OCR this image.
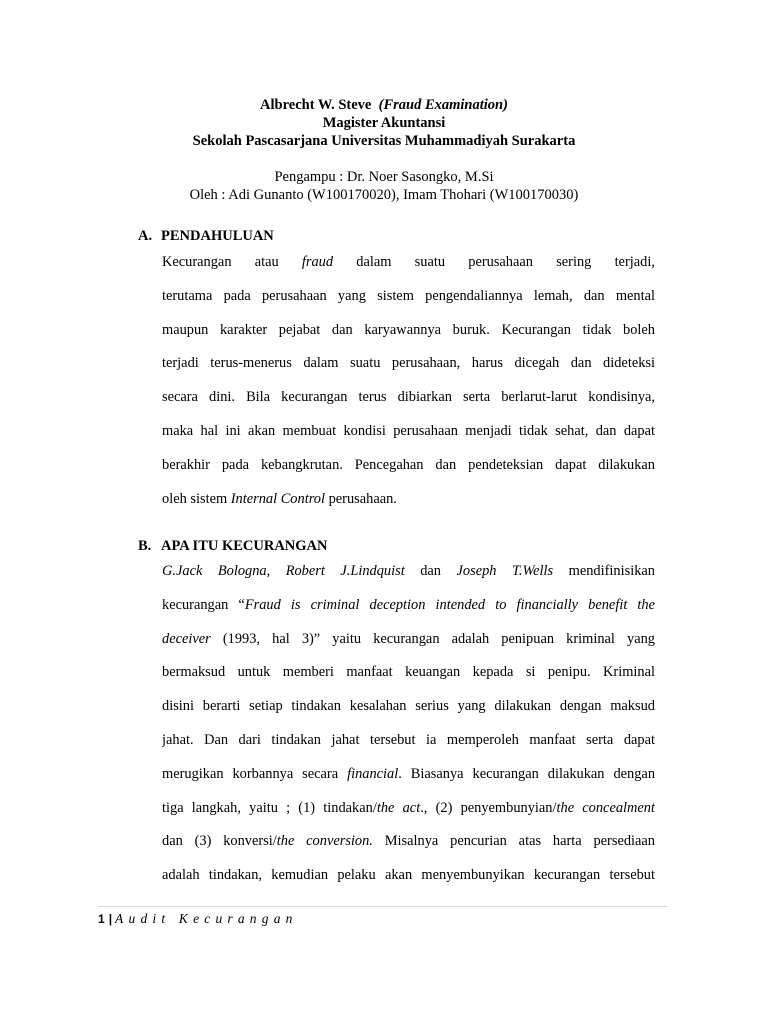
Albrecht W. Steve (Fraud Examination)
Magister Akuntansi
Sekolah Pascasarjana Universitas Muhammadiyah Surakarta
Pengampu : Dr. Noer Sasongko, M.Si
Oleh : Adi Gunanto (W100170020), Imam Thohari (W100170030)
A. PENDAHULUAN
Kecurangan atau fraud dalam suatu perusahaan sering terjadi,
terutama pada perusahaan yang sistem pengendaliannya lemah, dan mental
maupun karakter pejabat dan karyawannya buruk. Kecurangan tidak boleh
terjadi terus-menerus dalam suatu perusahaan, harus dicegah dan dideteksi
secara dini. Bila kecurangan terus dibiarkan serta berlarut-larut kondisinya,
maka hal ini akan membuat kondisi perusahaan menjadi tidak sehat, dan dapat
berakhir pada kebangkrutan. Pencegahan dan pendeteksian dapat dilakukan
oleh sistem Internal Control perusahaan.
B. APA ITU KECURANGAN
G.Jack Bologna, Robert J.Lindquist dan Joseph T.Wells mendifinisikan
kecurangan “Fraud is criminal deception intended to financially benefit the
deceiver (1993, hal 3)” yaitu kecurangan adalah penipuan kriminal yang
bermaksud untuk memberi manfaat keuangan kepada si penipu. Kriminal
disini berarti setiap tindakan kesalahan serius yang dilakukan dengan maksud
jahat. Dan dari tindakan jahat tersebut ia memperoleh manfaat serta dapat
merugikan korbannya secara financial. Biasanya kecurangan dilakukan dengan
tiga langkah, yaitu ; (1) tindakan/the act., (2) penyembunyian/the concealment
dan (3) konversi/the conversion. Misalnya pencurian atas harta persediaan
adalah tindakan, kemudian pelaku akan menyembunyikan kecurangan tersebut
1 | Audit Kecurangan
